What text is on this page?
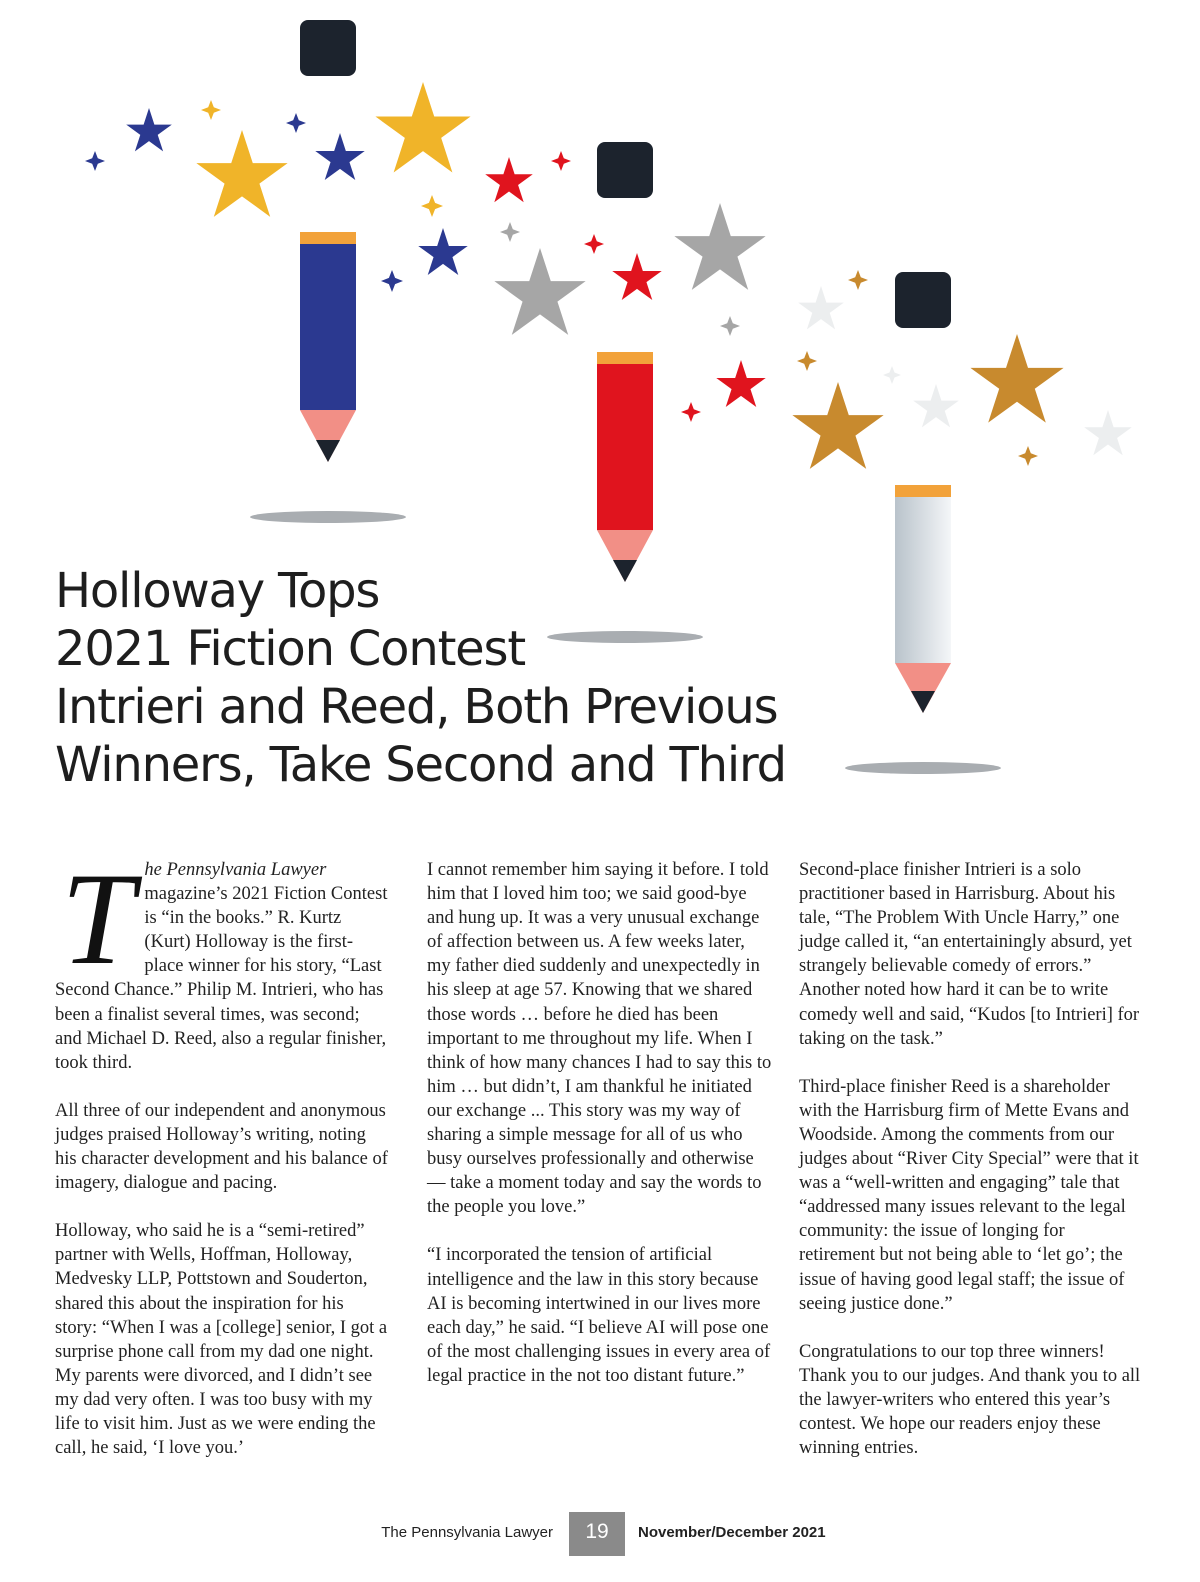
Holloway Tops
2021 Fiction Contest
Intrieri and Reed, Both Previous
Winners, Take Second and Third

The Pennsylvania Lawyer magazine’s 2021 Fiction Contest is “in the books.” R. Kurtz (Kurt) Holloway is the first-place winner for his story, “Last Second Chance.” Philip M. Intrieri, who has been a finalist several times, was second; and Michael D. Reed, also a regular finisher, took third.

All three of our independent and anonymous judges praised Holloway’s writing, noting his character development and his balance of imagery, dialogue and pacing.

Holloway, who said he is a “semi-retired” partner with Wells, Hoffman, Holloway, Medvesky LLP, Pottstown and Souderton, shared this about the inspiration for his story: “When I was a [college] senior, I got a surprise phone call from my dad one night. My parents were divorced, and I didn’t see my dad very often. I was too busy with my life to visit him. Just as we were ending the call, he said, ‘I love you.’

I cannot remember him saying it before. I told him that I loved him too; we said good-bye and hung up. It was a very unusual exchange of affection between us. A few weeks later, my father died suddenly and unexpectedly in his sleep at age 57. Knowing that we shared those words … before he died has been important to me throughout my life. When I think of how many chances I had to say this to him … but didn’t, I am thankful he initiated our exchange ... This story was my way of sharing a simple message for all of us who busy ourselves professionally and otherwise — take a moment today and say the words to the people you love.”

“I incorporated the tension of artificial intelligence and the law in this story because AI is becoming intertwined in our lives more each day,” he said. “I believe AI will pose one of the most challenging issues in every area of legal practice in the not too distant future.”

Second-place finisher Intrieri is a solo practitioner based in Harrisburg. About his tale, “The Problem With Uncle Harry,” one judge called it, “an entertainingly absurd, yet strangely believable comedy of errors.” Another noted how hard it can be to write comedy well and said, “Kudos [to Intrieri] for taking on the task.”

Third-place finisher Reed is a shareholder with the Harrisburg firm of Mette Evans and Woodside. Among the comments from our judges about “River City Special” were that it was a “well-written and engaging” tale that “addressed many issues relevant to the legal community: the issue of longing for retirement but not being able to ‘let go’; the issue of having good legal staff; the issue of seeing justice done.”

Congratulations to our top three winners! Thank you to our judges. And thank you to all the lawyer-writers who entered this year’s contest. We hope our readers enjoy these winning entries.

The Pennsylvania Lawyer	19	November/December 2021
